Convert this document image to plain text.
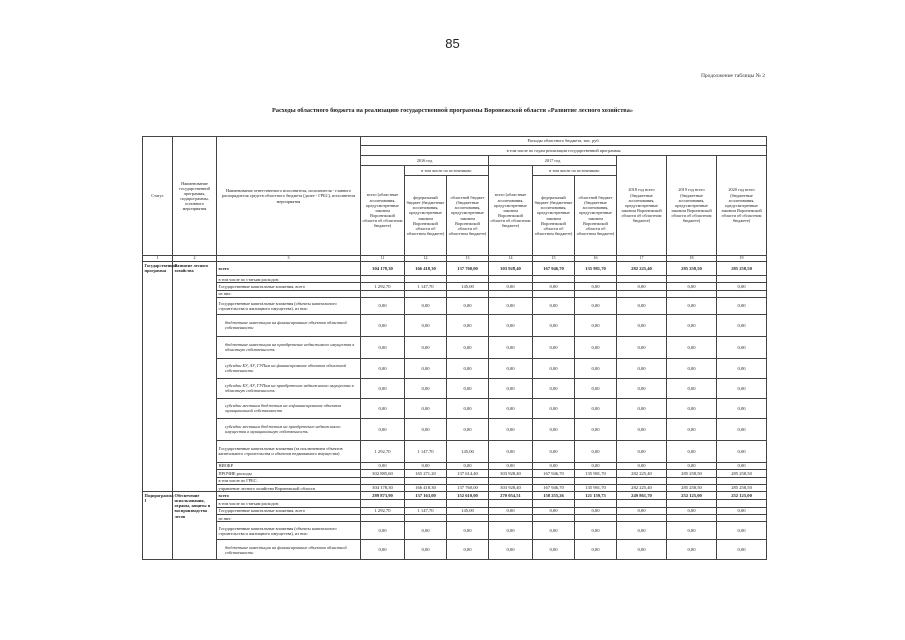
85
Продолжение таблицы № 2
Расходы областного бюджета на реализацию государственной программы Воронежской области «Развитие лесного хозяйства»
Статус	Наименование государственной программы, подпрограммы, основного мероприятия	Наименование ответственного исполнителя, исполнителя - главного распорядителя средств областного бюджета (далее - ГРБС), исполнителя мероприятия	Расходы областного бюджета, тыс. руб.								
			в том числе по годам реализации государственной программы								
			2016 год			2017 год			2018 год всего (бюджетные ассигнования, предусмотренные законом Воронежской области об областном бюджете)	2019 год всего (бюджетные ассигнования, предусмотренные законом Воронежской области об областном бюджете)	2020 год всего (бюджетные ассигнования, предусмотренные законом Воронежской области об областном бюджете)
			всего (областные ассигнования, предусмотренные законом Воронежской области об областном бюджете)	в том числе по источникам:		всего (областные ассигнования, предусмотренные законом Воронежской области об областном бюджете)	в том числе по источникам:				
				федеральный бюджет (бюджетные ассигнования, предусмотренные законом Воронежской области об областном бюджете)	областной бюджет (бюджетные ассигнования, предусмотренные законом Воронежской области об областном бюджете)		федеральный бюджет (бюджетные ассигнования, предусмотренные законом Воронежской области об областном бюджете)	областной бюджет (бюджетные ассигнования, предусмотренные законом Воронежской области об областном бюджете)			
1	2	3	11	12	13	14	15	16	17	18	19
Государственная программа	Развитие лесного хозяйства	всего	304 178,30	166 418,30	137 760,00	303 928,40	167 946,70	135 981,70	282 225,40	285 258,50	285 258,50
		в том числе по статьям расходов:									
		Государственные капитальные вложения, всего	1 292,70	1 147,70	145,00	0,00	0,00	0,00	0,00	0,00	0,00
		из них:									
		Государственные капитальные вложения (объекты капитального строительства и жилищного имущества), из них:	0,00	0,00	0,00	0,00	0,00	0,00	0,00	0,00	0,00
		бюджетные инвестиции на финансирование объектов областной собственности	0,00	0,00	0,00	0,00	0,00	0,00	0,00	0,00	0,00
		бюджетные инвестиции на приобретение недвижимого имущества в областную собственность	0,00	0,00	0,00	0,00	0,00	0,00	0,00	0,00	0,00
		субсидии БУ, АУ, ГУПам на финансирование объектов областной собственности	0,00	0,00	0,00	0,00	0,00	0,00	0,00	0,00	0,00
		субсидии БУ, АУ, ГУПам на приобретение недвижимого имущества в областную собственность	0,00	0,00	0,00	0,00	0,00	0,00	0,00	0,00	0,00
		субсидии местным бюджетам на софинансирование объектов муниципальной собственности	0,00	0,00	0,00	0,00	0,00	0,00	0,00	0,00	0,00
		субсидии местным бюджетам на приобретение недвижимого имущества в муниципальную собственность	0,00	0,00	0,00	0,00	0,00	0,00	0,00	0,00	0,00
		Государственные капитальные вложения (за исключением объектов капитального строительства и объектов недвижимого имущества)	1 292,70	1 147,70	145,00	0,00	0,00	0,00	0,00	0,00	0,00
		НИОКР	0,00	0,00	0,00	0,00	0,00	0,00	0,00	0,00	0,00
		ПРОЧИЕ расходы	302 885,60	165 271,20	137 614,40	303 928,40	167 946,70	135 981,70	282 225,40	285 258,50	285 258,50
		в том числе по ГРБС:									
		управление лесного хозяйства Воронежской области	304 178,30	166 418,30	137 760,00	303 928,40	167 946,70	135 981,70	282 225,40	285 258,50	285 258,50
Подпрограмма 1	Обеспечение использования, охраны, защиты и воспроизводства лесов	всего	289 873,90	137 163,00	152 610,00	270 054,51	158 255,26	121 159,73	249 861,70	252 125,00	252 125,00
		в том числе по статьям расходов:									
		Государственные капитальные вложения, всего	1 292,70	1 147,70	145,00	0,00	0,00	0,00	0,00	0,00	0,00
		из них:									
		Государственные капитальные вложения (объекты капитального строительства и жилищного имущества), из них:	0,00	0,00	0,00	0,00	0,00	0,00	0,00	0,00	0,00
		бюджетные инвестиции на финансирование объектов областной собственности	0,00	0,00	0,00	0,00	0,00	0,00	0,00	0,00	0,00
